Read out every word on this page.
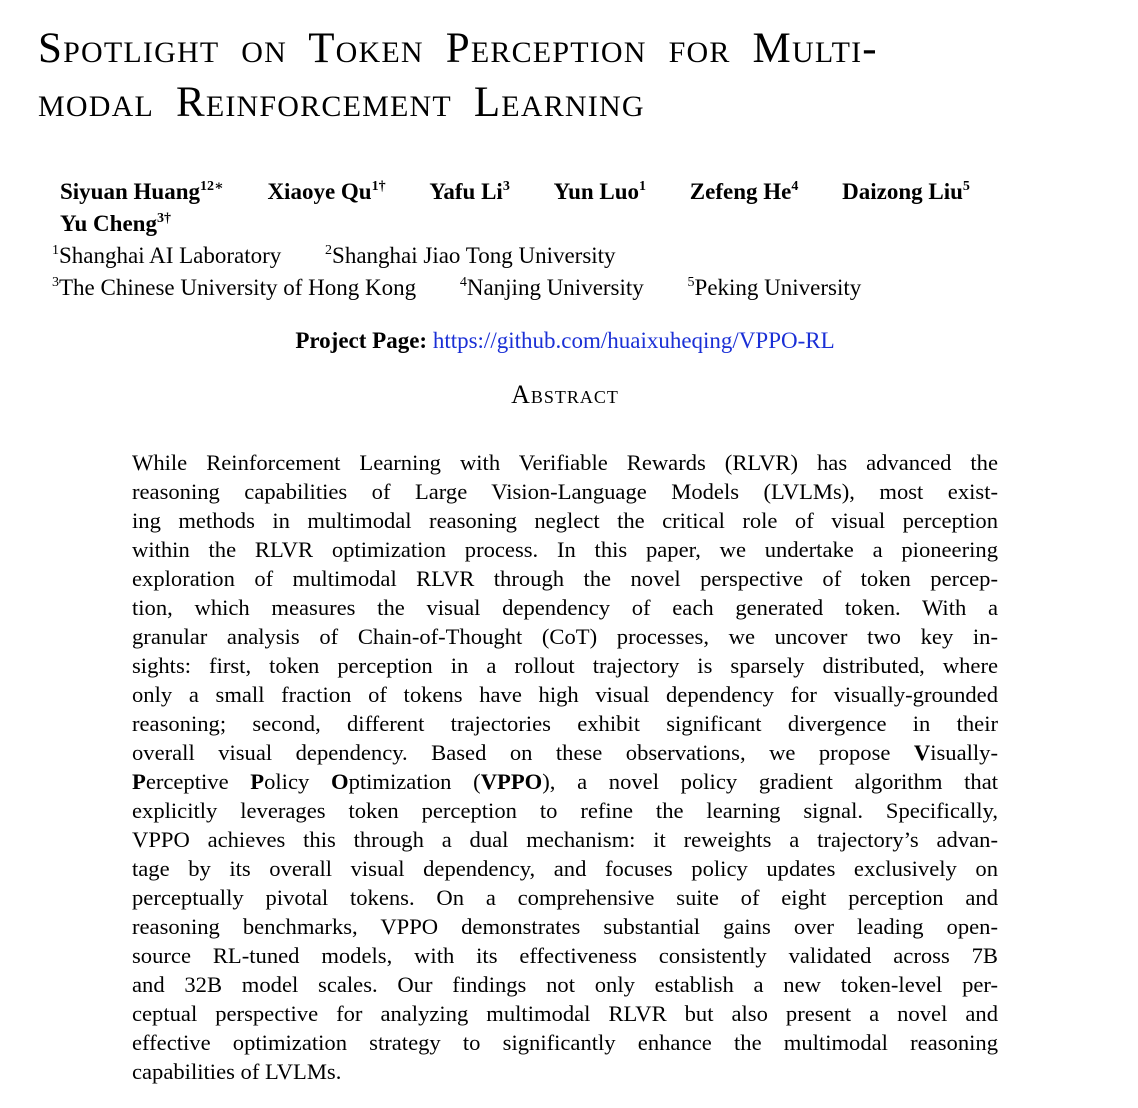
Spotlight on Token Perception for Multi-
modal Reinforcement Learning
Siyuan Huang$^{12∗}$ Xiaoye $Qu^{1\dagger}$ Yafu Li$^3$ Yun Luo$^1$ Zefeng He$^4$ Daizong Liu$^5$
Yu Cheng$^{3\dagger}$
$^1$Shanghai AI Laboratory	$^2$Shanghai Jiao Tong University
$^3$The Chinese University of Hong Kong	$^4$Nanjing University	$^5$Peking University
Project Page: https://github.com/huaixuheqing/VPPO-RL
Abstract
While Reinforcement Learning with Verifiable Rewards (RLVR) has advanced the
reasoning capabilities of Large Vision-Language Models (LVLMs), most exist-
ing methods in multimodal reasoning neglect the critical role of visual perception
within the RLVR optimization process. In this paper, we undertake a pioneering
exploration of multimodal RLVR through the novel perspective of token percep-
tion, which measures the visual dependency of each generated token. With a
granular analysis of Chain-of-Thought (CoT) processes, we uncover two key in-
sights: first, token perception in a rollout trajectory is sparsely distributed, where
only a small fraction of tokens have high visual dependency for visually-grounded
reasoning; second, different trajectories exhibit significant divergence in their
overall visual dependency. Based on these observations, we propose Visually-
Perceptive Policy Optimization (VPPO), a novel policy gradient algorithm that
explicitly leverages token perception to refine the learning signal. Specifically,
VPPO achieves this through a dual mechanism: it reweights a trajectory’s advan-
tage by its overall visual dependency, and focuses policy updates exclusively on
perceptually pivotal tokens. On a comprehensive suite of eight perception and
reasoning benchmarks, VPPO demonstrates substantial gains over leading open-
source RL-tuned models, with its effectiveness consistently validated across 7B
and 32B model scales. Our findings not only establish a new token-level per-
ceptual perspective for analyzing multimodal RLVR but also present a novel and
effective optimization strategy to significantly enhance the multimodal reasoning
capabilities of LVLMs.
